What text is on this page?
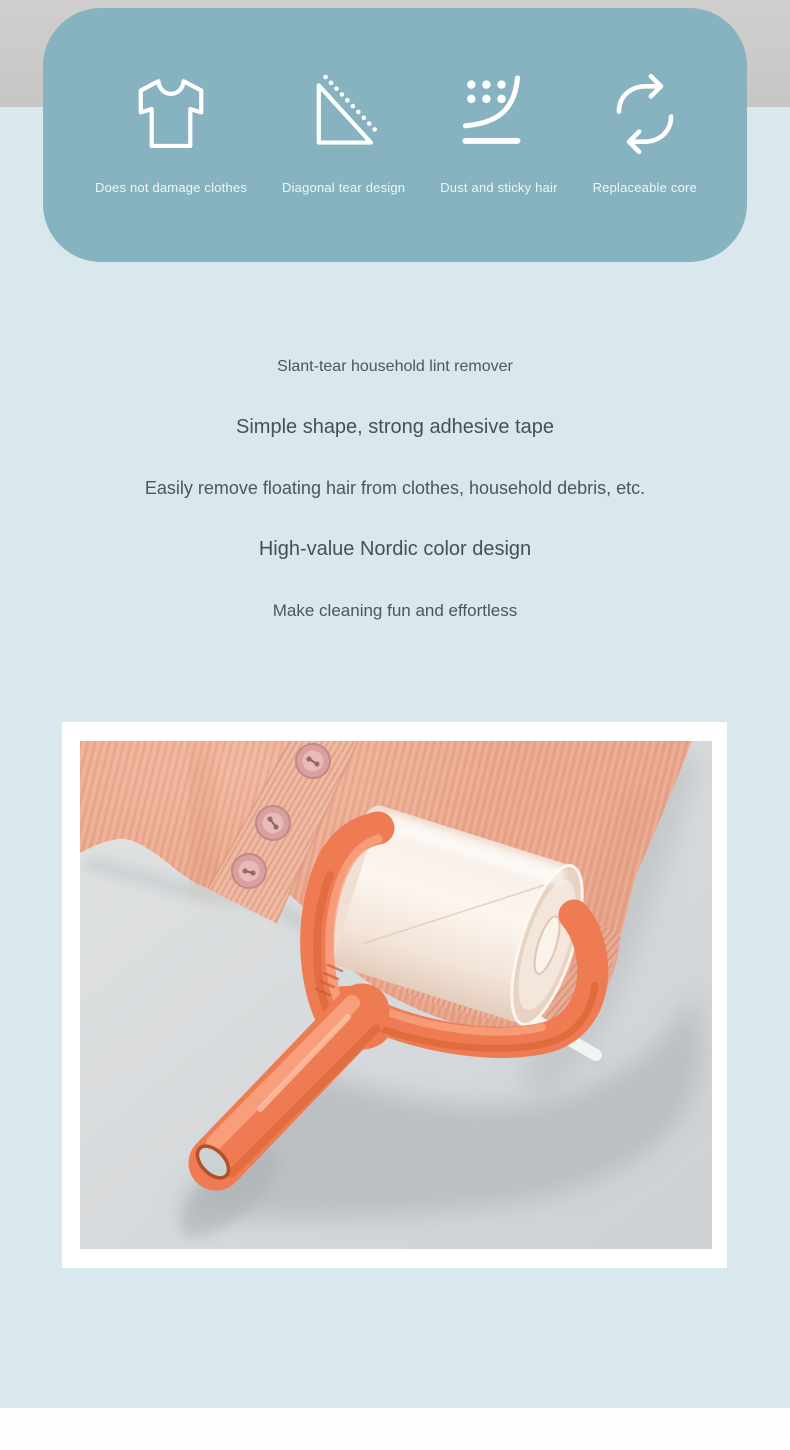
Does not damage clothes	Diagonal tear design	Dust and sticky hair	Replaceable core
Slant-tear household lint remover
Simple shape, strong adhesive tape
Easily remove floating hair from clothes, household debris, etc.
High-value Nordic color design
Make cleaning fun and effortless
